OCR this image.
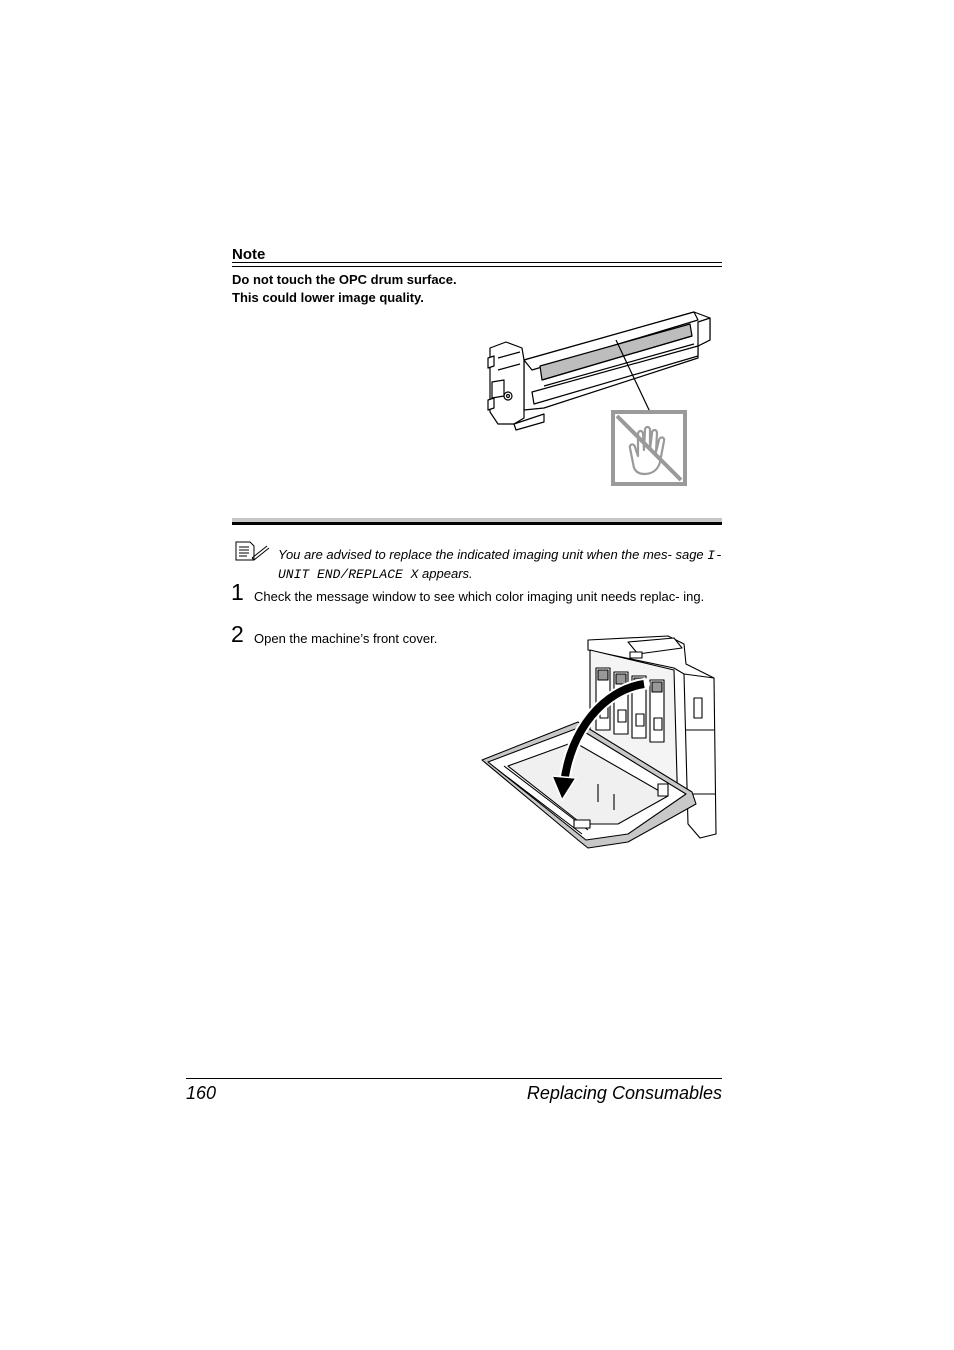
Note
Do not touch the OPC drum surface. This could lower image quality.
You are advised to replace the indicated imaging unit when the mes- sage I-UNIT END/REPLACE X appears.
1 Check the message window to see which color imaging unit needs replac- ing.
2 Open the machine’s front cover.
160	Replacing Consumables
